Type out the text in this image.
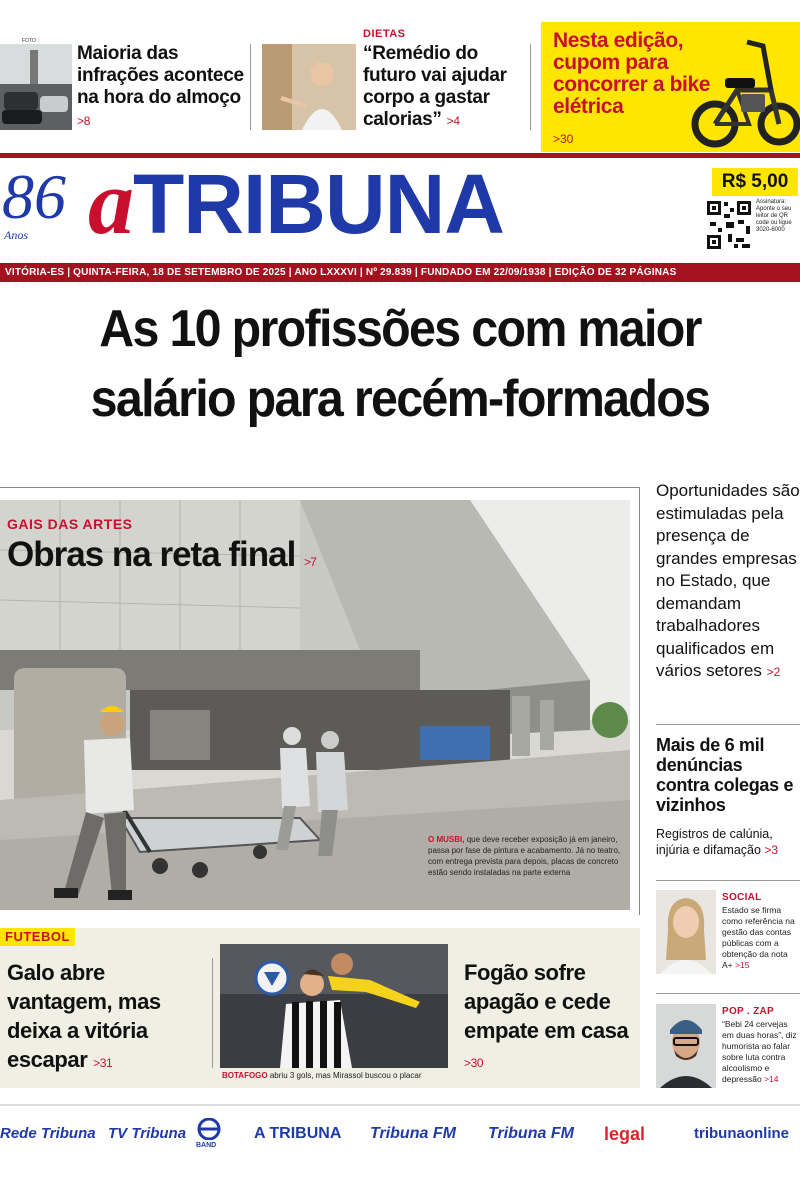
FOTO
Maioria das infrações acontece na hora do almoço >8
DIETAS
“Remédio do futuro vai ajudar corpo a gastar calorias” >4
Nesta edição, cupom para concorrer a bike elétrica
>30
86
Anos aTRIBUNA	R$ 5,00
Assinatura: Aponte o seu leitor de QR code ou ligue 3020-6000
VITÓRIA-ES | QUINTA-FEIRA, 18 DE SETEMBRO DE 2025 | ANO LXXXVI | Nº 29.839 | FUNDADO EM 22/09/1938 | EDIÇÃO DE 32 PÁGINAS
As 10 profissões com maior
salário para recém-formados
GAIS DAS ARTES
Obras na reta final >7
O MUSBI, que deve receber exposição já em janeiro, passa por fase de pintura e acabamento. Já no teatro, com entrega prevista para depois, placas de concreto estão sendo instaladas na parte externa
Oportunidades são estimuladas pela presença de grandes empresas no Estado, que demandam trabalhadores qualificados em vários setores >2
Mais de 6 mil denúncias contra colegas e vizinhos
Registros de calúnia, injúria e difamação >3
SOCIAL
Estado se firma como referência na gestão das contas públicas com a obtenção da nota A+ >15
POP . ZAP
“Bebi 24 cervejas em duas horas”, diz humorista ao falar sobre luta contra alcoolismo e depressão >14
FUTEBOL
Galo abre vantagem, mas deixa a vitória escapar >31
BOTAFOGO abriu 3 gols, mas Mirassol buscou o placar
Fogão sofre apagão e cede empate em casa >30
Rede Tribuna TV Tribuna
BAND
A TRIBUNA Tribuna FM	Tribuna FM	legal	tribunaonline
